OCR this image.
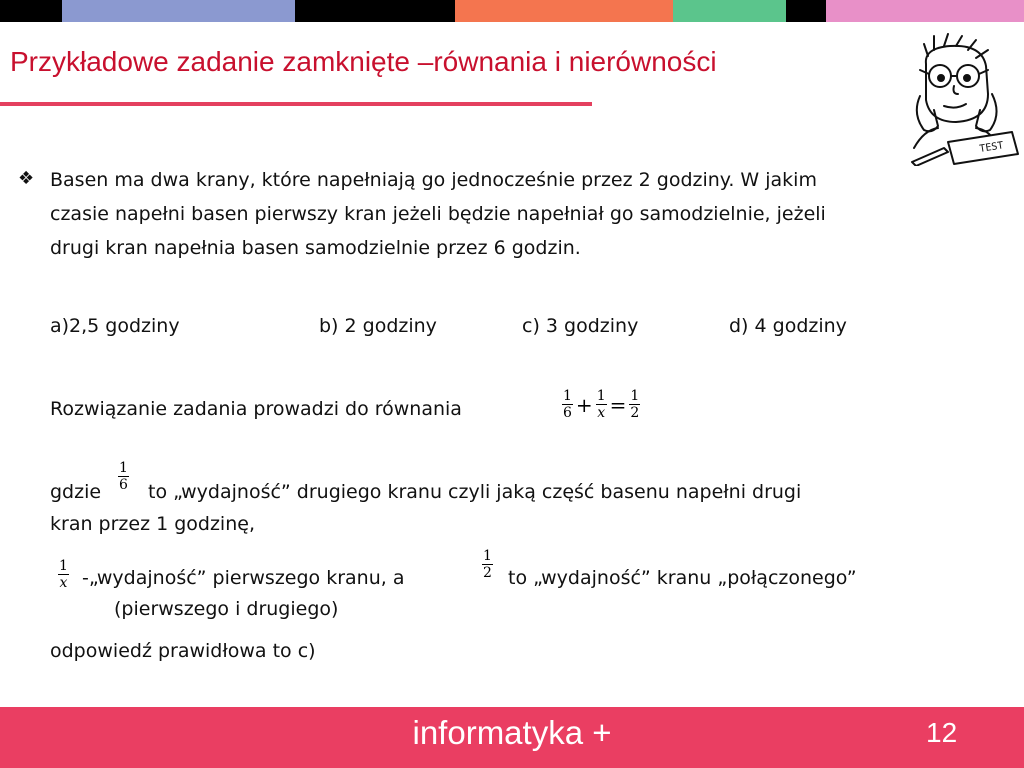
Przykładowe zadanie zamknięte –równania i nierówności
TEST
❖ Basen ma dwa krany, które napełniają go jednocześnie przez 2 godziny. W jakim
czasie napełni basen pierwszy kran jeżeli będzie napełniał go samodzielnie, jeżeli
drugi kran napełnia basen samodzielnie przez 6 godzin.
a)2,5 godziny	b) 2 godziny	c) 3 godziny	d) 4 godziny
Rozwiązanie zadania prowadzi do równania	$\frac{1}{6} + \frac{1}{x} = \frac{1}{2}$
gdzie $\frac{1}{6}$ to „wydajność” drugiego kranu czyli jaką część basenu napełni drugi
kran przez 1 godzinę,
$\frac{1}{x}$ -„wydajność” pierwszego kranu, a	$\frac{1}{2}$ to „wydajność” kranu „połączonego”
(pierwszego i drugiego)
odpowiedź prawidłowa to c)
informatyka +	12
